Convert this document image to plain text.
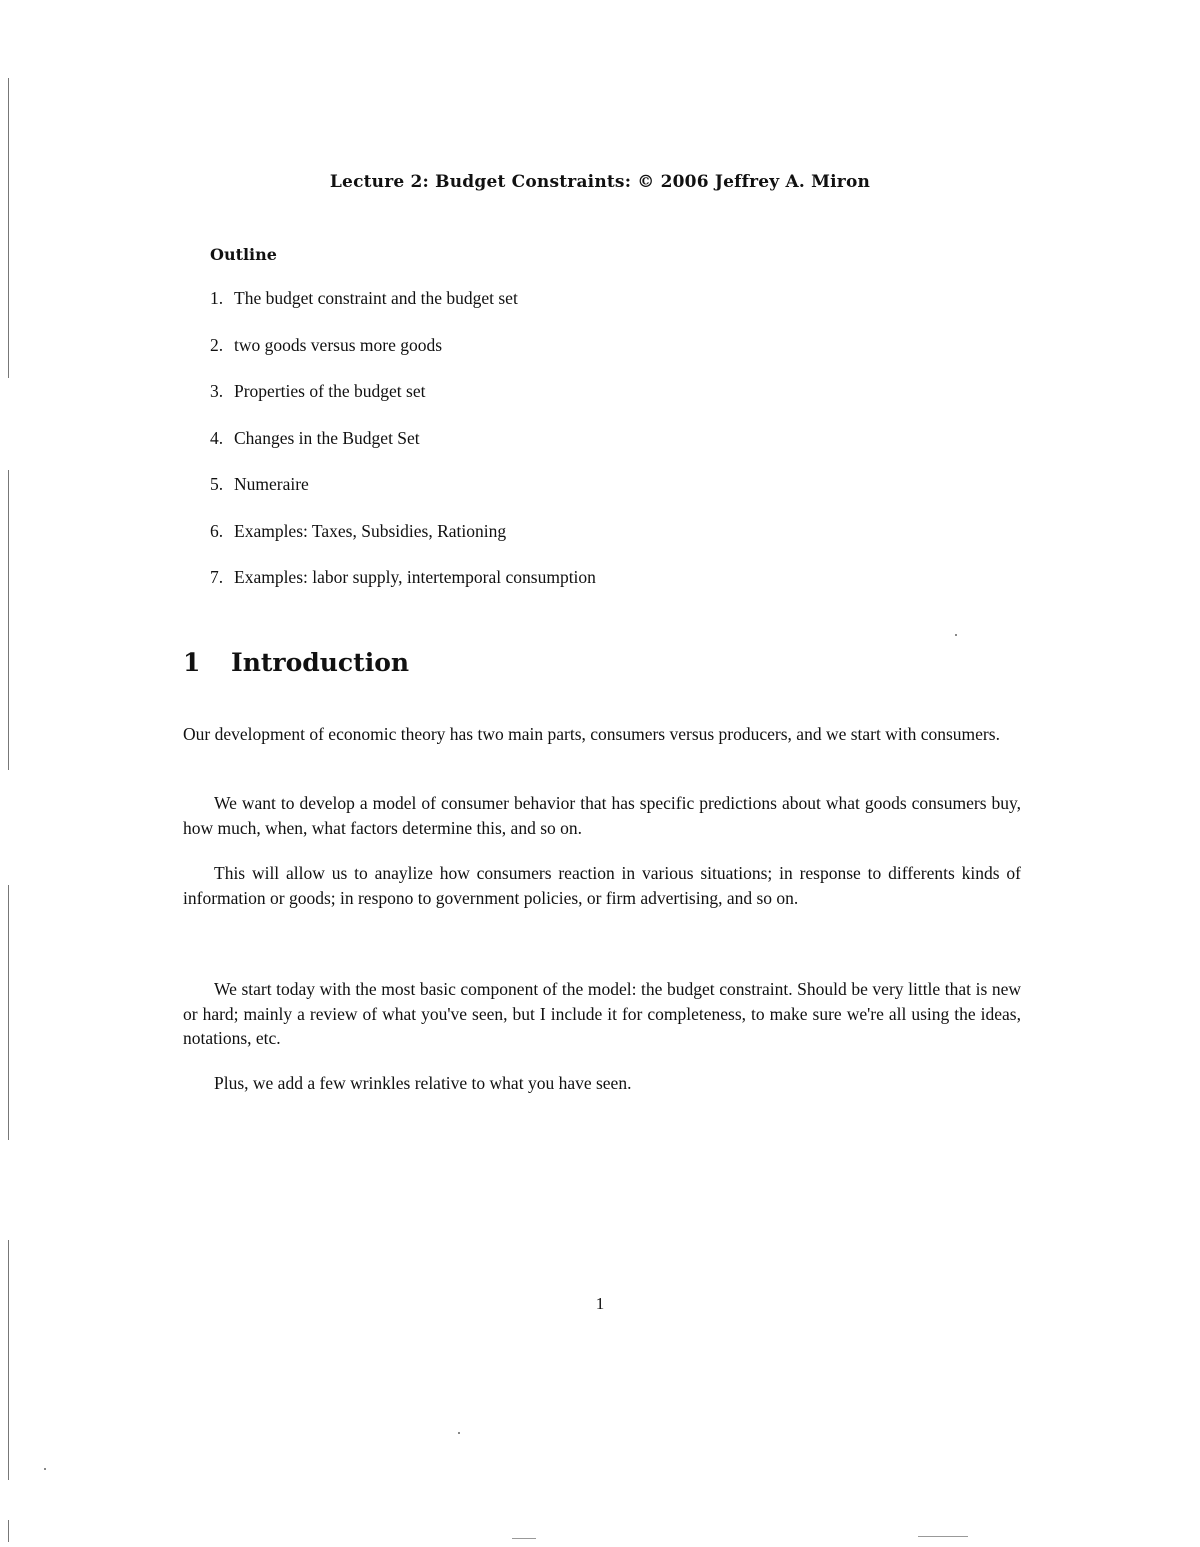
Lecture 2: Budget Constraints: © 2006 Jeffrey A. Miron
Outline
1. The budget constraint and the budget set
2. two goods versus more goods
3. Properties of the budget set
4. Changes in the Budget Set
5. Numeraire
6. Examples: Taxes, Subsidies, Rationing
7. Examples: labor supply, intertemporal consumption
1 Introduction

Our development of economic theory has two main parts, consumers versus producers, and we start with consumers.

We want to develop a model of consumer behavior that has specific predictions about what goods consumers buy, how much, when, what factors determine this, and so on.

This will allow us to anaylize how consumers reaction in various situations; in response to differents kinds of information or goods; in respono to government policies, or firm advertising, and so on.

We start today with the most basic component of the model: the budget constraint. Should be very little that is new or hard; mainly a review of what you've seen, but I include it for completeness, to make sure we're all using the ideas, notations, etc.

Plus, we add a few wrinkles relative to what you have seen.

1
